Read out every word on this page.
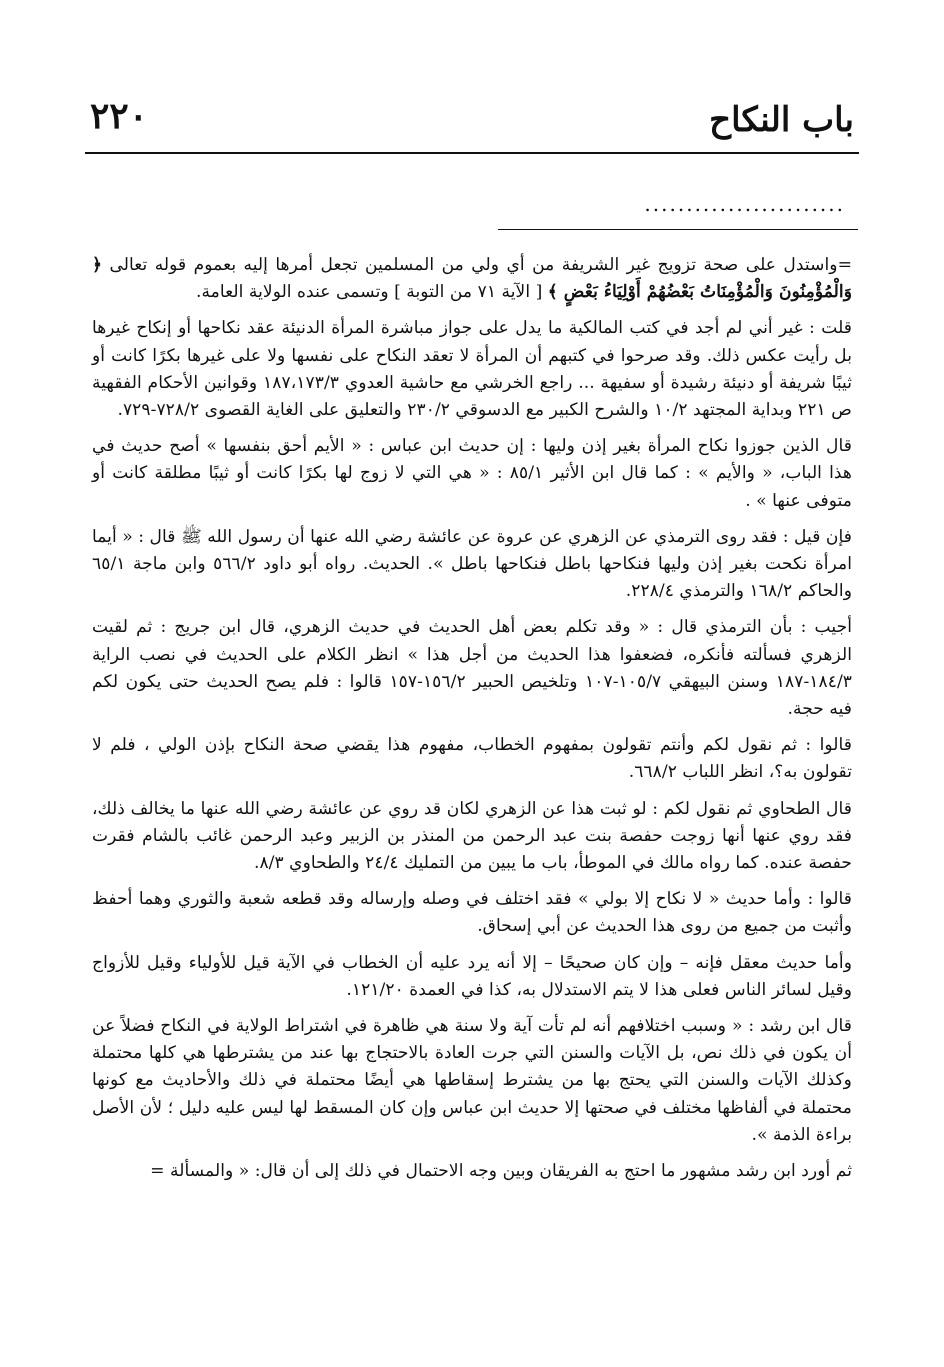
باب النكاح
٢٢٠
........................

=واستدل على صحة تزويج غير الشريفة من أي ولي من المسلمين تجعل أمرها إليه بعموم قوله تعالى ﴿ وَالْمُؤْمِنُونَ وَالْمُؤْمِنَاتُ بَعْضُهُمْ أَوْلِيَاءُ بَعْضٍ ﴾ [ الآية ٧١ من التوبة ] وتسمى عنده الولاية العامة.

قلت : غير أني لم أجد في كتب المالكية ما يدل على جواز مباشرة المرأة الدنيئة عقد نكاحها أو إنكاح غيرها بل رأيت عكس ذلك. وقد صرحوا في كتبهم أن المرأة لا تعقد النكاح على نفسها ولا على غيرها بكرًا كانت أو ثيبًا شريفة أو دنيئة رشيدة أو سفيهة ... راجع الخرشي مع حاشية العدوي ١٨٧،١٧٣/٣ وقوانين الأحكام الفقهية ص ٢٢١ وبداية المجتهد ١٠/٢ والشرح الكبير مع الدسوقي ٢٣٠/٢ والتعليق على الغاية القصوى ٧٢٨/٢-٧٢٩.

قال الذين جوزوا نكاح المرأة بغير إذن وليها : إن حديث ابن عباس : « الأيم أحق بنفسها » أصح حديث في هذا الباب، « والأيم » : كما قال ابن الأثير ٨٥/١ : « هي التي لا زوج لها بكرًا كانت أو ثيبًا مطلقة كانت أو متوفى عنها » .

فإن قيل : فقد روى الترمذي عن الزهري عن عروة عن عائشة رضي الله عنها أن رسول الله ﷺ قال : « أيما امرأة نكحت بغير إذن وليها فنكاحها باطل فنكاحها باطل ». الحديث. رواه أبو داود ٥٦٦/٢ وابن ماجة ٦٥/١ والحاكم ١٦٨/٢ والترمذي ٢٢٨/٤.

أجيب : بأن الترمذي قال : « وقد تكلم بعض أهل الحديث في حديث الزهري، قال ابن جريج : ثم لقيت الزهري فسألته فأنكره، فضعفوا هذا الحديث من أجل هذا » انظر الكلام على الحديث في نصب الراية ١٨٤/٣-١٨٧ وسنن البيهقي ١٠٥/٧-١٠٧ وتلخيص الحبير ١٥٦/٢-١٥٧ قالوا : فلم يصح الحديث حتى يكون لكم فيه حجة.

قالوا : ثم نقول لكم وأنتم تقولون بمفهوم الخطاب، مفهوم هذا يقضي صحة النكاح بإذن الولي ، فلم لا تقولون به؟، انظر اللباب ٦٦٨/٢.

قال الطحاوي ثم نقول لكم : لو ثبت هذا عن الزهري لكان قد روي عن عائشة رضي الله عنها ما يخالف ذلك، فقد روي عنها أنها زوجت حفصة بنت عبد الرحمن من المنذر بن الزبير وعبد الرحمن غائب بالشام فقرت حفصة عنده. كما رواه مالك في الموطأ، باب ما يبين من التمليك ٢٤/٤ والطحاوي ٨/٣.

قالوا : وأما حديث « لا نكاح إلا بولي » فقد اختلف في وصله وإرساله وقد قطعه شعبة والثوري وهما أحفظ وأثبت من جميع من روى هذا الحديث عن أبي إسحاق.

وأما حديث معقل فإنه – وإن كان صحيحًا – إلا أنه يرد عليه أن الخطاب في الآية قيل للأولياء وقيل للأزواج وقيل لسائر الناس فعلى هذا لا يتم الاستدلال به، كذا في العمدة ١٢١/٢٠.

قال ابن رشد : « وسبب اختلافهم أنه لم تأت آية ولا سنة هي ظاهرة في اشتراط الولاية في النكاح فضلاً عن أن يكون في ذلك نص، بل الآيات والسنن التي جرت العادة بالاحتجاج بها عند من يشترطها هي كلها محتملة وكذلك الآيات والسنن التي يحتج بها من يشترط إسقاطها هي أيضًا محتملة في ذلك والأحاديث مع كونها محتملة في ألفاظها مختلف في صحتها إلا حديث ابن عباس وإن كان المسقط لها ليس عليه دليل ؛ لأن الأصل براءة الذمة ».

ثم أورد ابن رشد مشهور ما احتج به الفريقان وبين وجه الاحتمال في ذلك إلى أن قال: « والمسألة =
